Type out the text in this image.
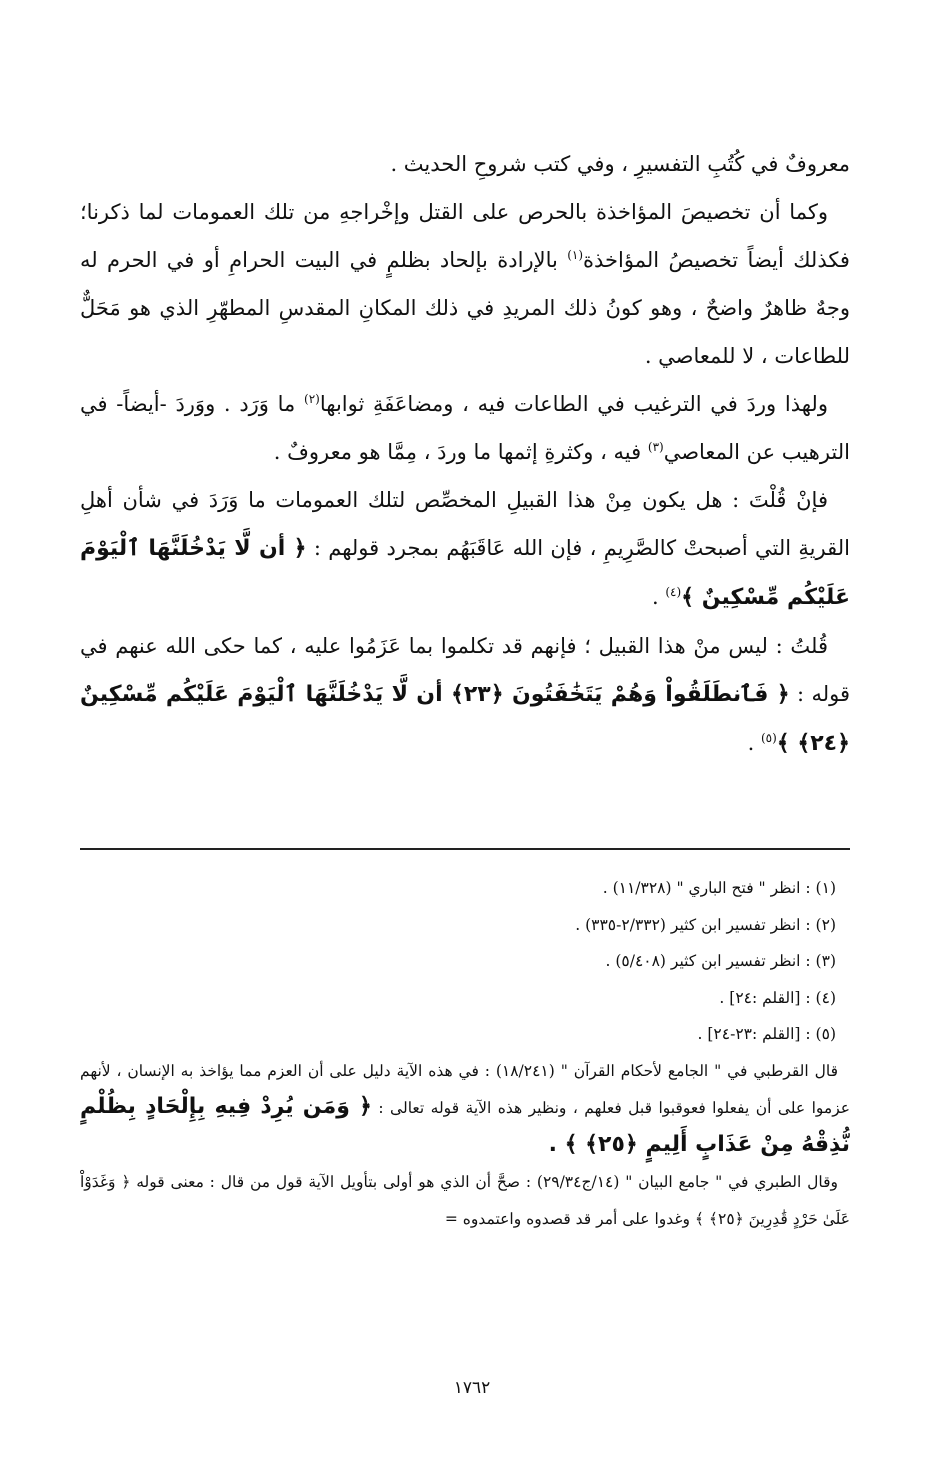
معروفٌ في كُتُبِ التفسيرِ ، وفي كتب شروحِ الحديث .

وكما أن تخصيصَ المؤاخذة بالحرص على القتل وإخْراجهِ من تلك العمومات لما ذكرنا؛ فكذلك أيضاً تخصيصُ المؤاخذة$^{(١)}$ بالإرادة بإلحاد بظلمٍ في البيت الحرامِ أو في الحرم له وجهٌ ظاهرٌ واضحٌ ، وهو كونُ ذلك المريدِ في ذلك المكانِ المقدسِ المطهّرِ الذي هو مَحَلٌّ للطاعات ، لا للمعاصي .

ولهذا وردَ في الترغيب في الطاعات فيه ، ومضاعَفَةِ ثوابها$^{(٢)}$ ما وَرَد . ووَردَ -أيضاً- في الترهيب عن المعاصي$^{(٣)}$ فيه ، وكثرةِ إثمها ما وردَ ، مِمَّا هو معروفٌ .

فإنْ قُلْتَ : هل يكون مِنْ هذا القبيلِ المخصِّص لتلك العمومات ما وَرَدَ في شأن أهلِ القريةِ التي أصبحتْ كالصَّرِيمِ ، فإن الله عَاقَبَهُم بمجرد قولهم : ﴿ أن لَّا يَدْخُلَنَّهَا ٱلْيَوْمَ عَلَيْكُم مِّسْكِينٌ ﴾$^{(٤)}$ .

قُلتُ : ليس منْ هذا القبيل ؛ فإنهم قد تكلموا بما عَزَمُوا عليه ، كما حكى الله عنهم في قوله : ﴿ فَٱنطَلَقُواْ وَهُمْ يَتَخَٰفَتُونَ ﴿٢٣﴾ أن لَّا يَدْخُلَنَّهَا ٱلْيَوْمَ عَلَيْكُم مِّسْكِينٌ ﴿٢٤﴾ ﴾$^{(٥)}$ .

(١) : انظر " فتح الباري " (١١/٣٢٨) .

(٢) : انظر تفسير ابن كثير (٢/٣٣٢-٣٣٥) .

(٣) : انظر تفسير ابن كثير (٥/٤٠٨) .

(٤) : [القلم :٢٤] .

(٥) : [القلم :٢٣-٢٤] .

قال القرطبي في " الجامع لأحكام القرآن " (١٨/٢٤١) : في هذه الآية دليل على أن العزم مما يؤاخذ به الإنسان ، لأنهم عزموا على أن يفعلوا فعوقبوا قبل فعلهم ، ونظير هذه الآية قوله تعالى : ﴿ وَمَن يُرِدْ فِيهِ بِإِلْحَادٍ بِظُلْمٍ نُّذِقْهُ مِنْ عَذَابٍ أَلِيمٍ ﴿٢٥﴾ ﴾ .

وقال الطبري في " جامع البيان " (١٤/ج٢٩/٣٤) : صحَّ أن الذي هو أولى بتأويل الآية قول من قال : معنى قوله ﴿ وَغَدَوْاْ عَلَىٰ حَرْدٍ قَٰدِرِينَ ﴿٢٥﴾ ﴾ وغدوا على أمر قد قصدوه واعتمدوه =

١٧٦٢
